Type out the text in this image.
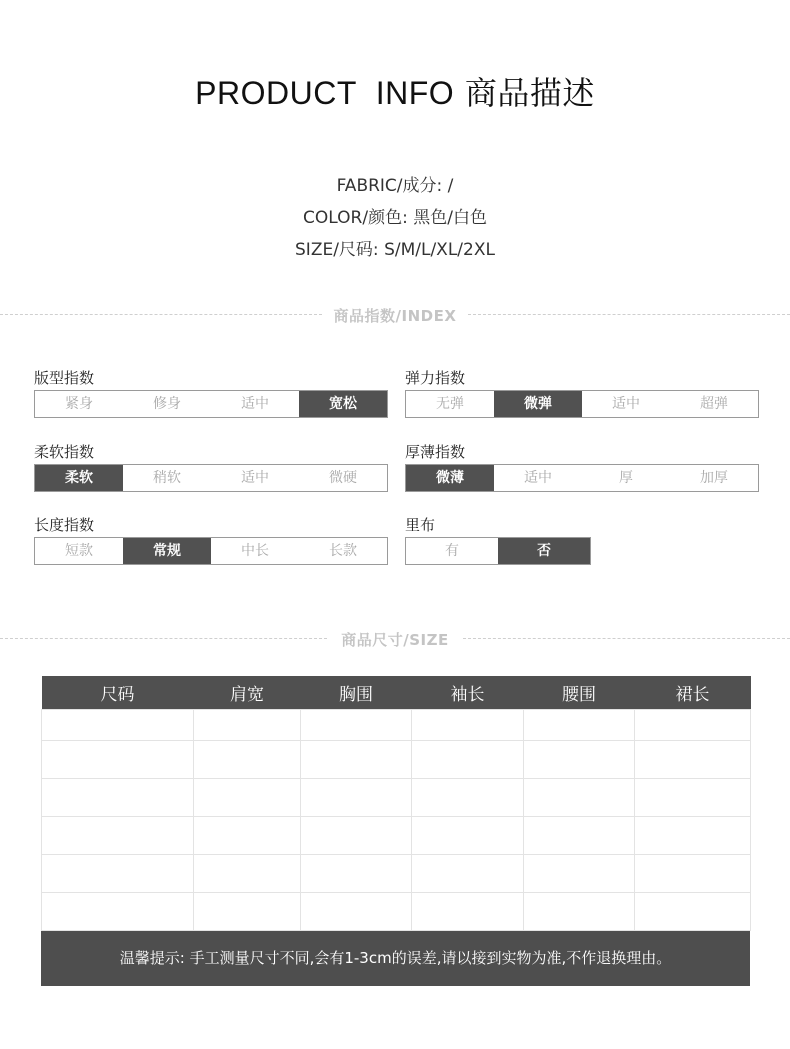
PRODUCT INFO 商品描述
FABRIC/成分: /
COLOR/颜色: 黑色/白色
SIZE/尺码: S/M/L/XL/2XL
商品指数/INDEX
版型指数
紧身	修身	适中	宽松
弹力指数
无弹	微弹	适中	超弹
柔软指数
柔软	稍软	适中	微硬
厚薄指数
微薄	适中	厚	加厚
长度指数
短款	常规	中长	长款
里布
有	否
商品尺寸/SIZE
尺码	肩宽	胸围	袖长	腰围	裙长

温馨提示: 手工测量尺寸不同,会有1-3cm的误差,请以接到实物为准,不作退换理由。
